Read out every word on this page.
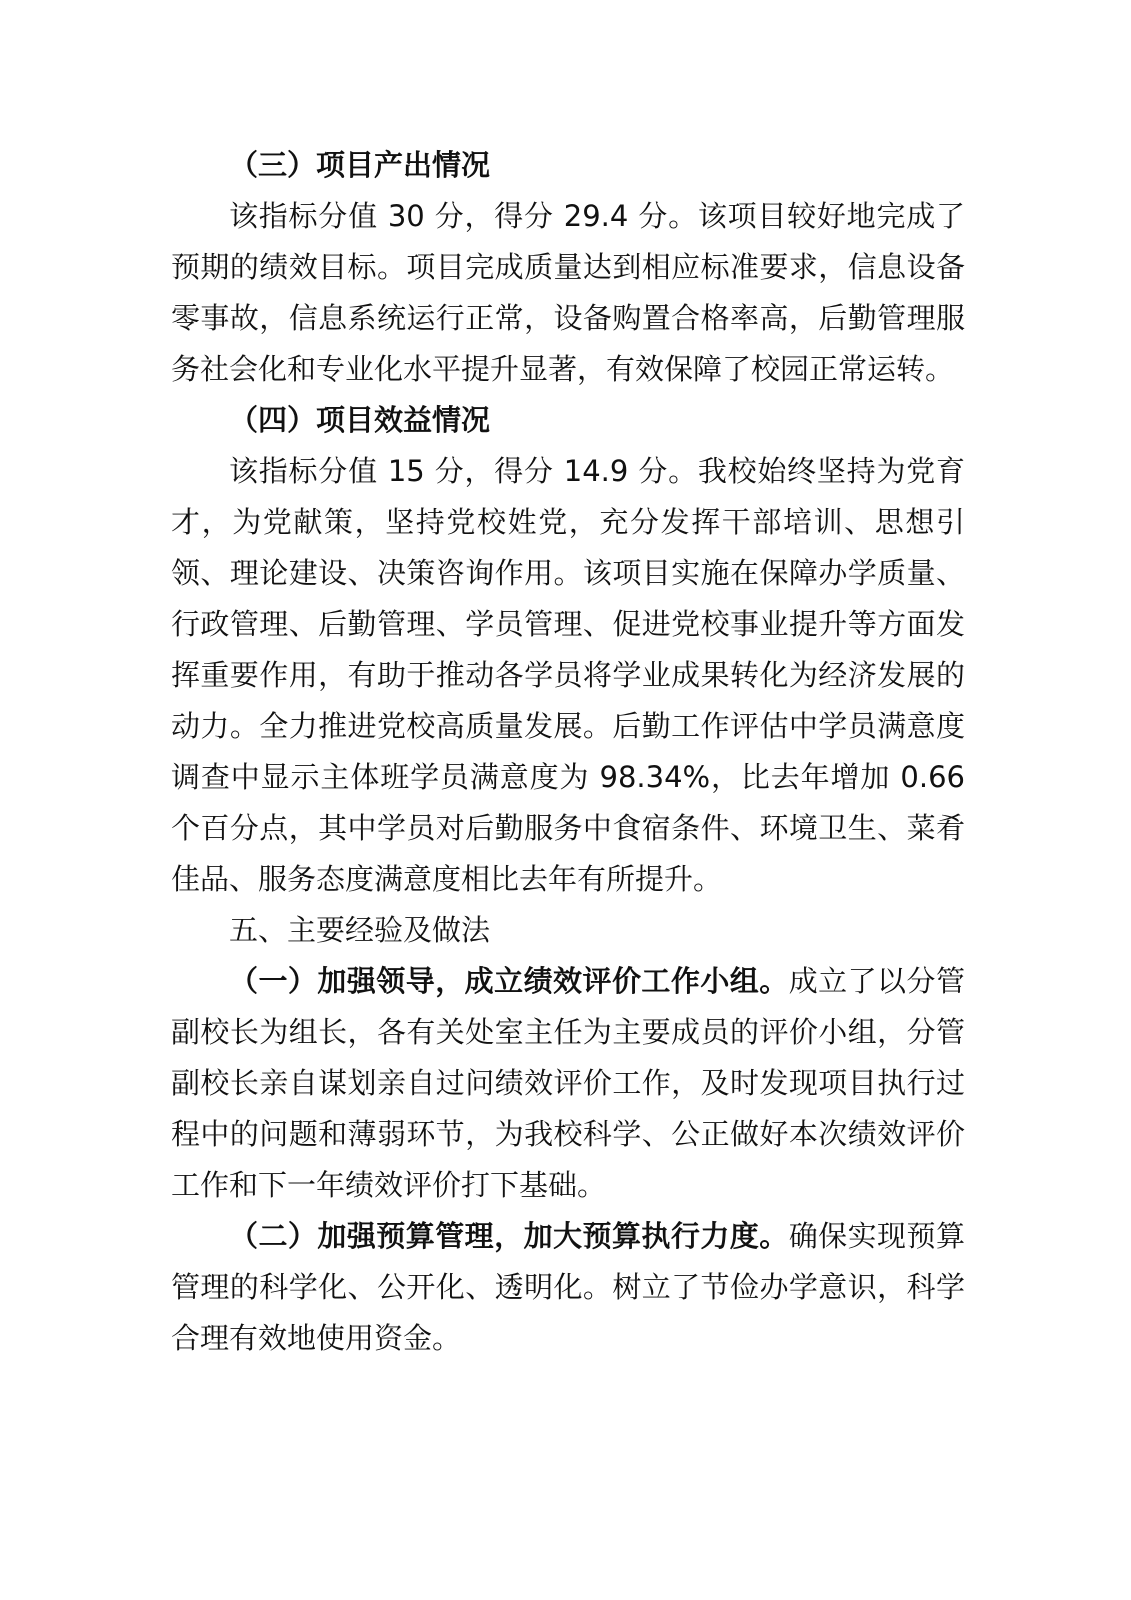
（三）项目产出情况

该指标分值 30 分，得分 29.4 分。该项目较好地完成了预期的绩效目标。项目完成质量达到相应标准要求，信息设备零事故，信息系统运行正常，设备购置合格率高，后勤管理服务社会化和专业化水平提升显著，有效保障了校园正常运转。

（四）项目效益情况

该指标分值 15 分，得分 14.9 分。我校始终坚持为党育才，为党献策，坚持党校姓党，充分发挥干部培训、思想引领、理论建设、决策咨询作用。该项目实施在保障办学质量、行政管理、后勤管理、学员管理、促进党校事业提升等方面发挥重要作用，有助于推动各学员将学业成果转化为经济发展的动力。全力推进党校高质量发展。后勤工作评估中学员满意度调查中显示主体班学员满意度为 98.34%，比去年增加 0.66 个百分点，其中学员对后勤服务中食宿条件、环境卫生、菜肴佳品、服务态度满意度相比去年有所提升。

五、主要经验及做法

（一）加强领导，成立绩效评价工作小组。成立了以分管副校长为组长，各有关处室主任为主要成员的评价小组，分管副校长亲自谋划亲自过问绩效评价工作，及时发现项目执行过程中的问题和薄弱环节，为我校科学、公正做好本次绩效评价工作和下一年绩效评价打下基础。

（二）加强预算管理，加大预算执行力度。确保实现预算管理的科学化、公开化、透明化。树立了节俭办学意识，科学合理有效地使用资金。
